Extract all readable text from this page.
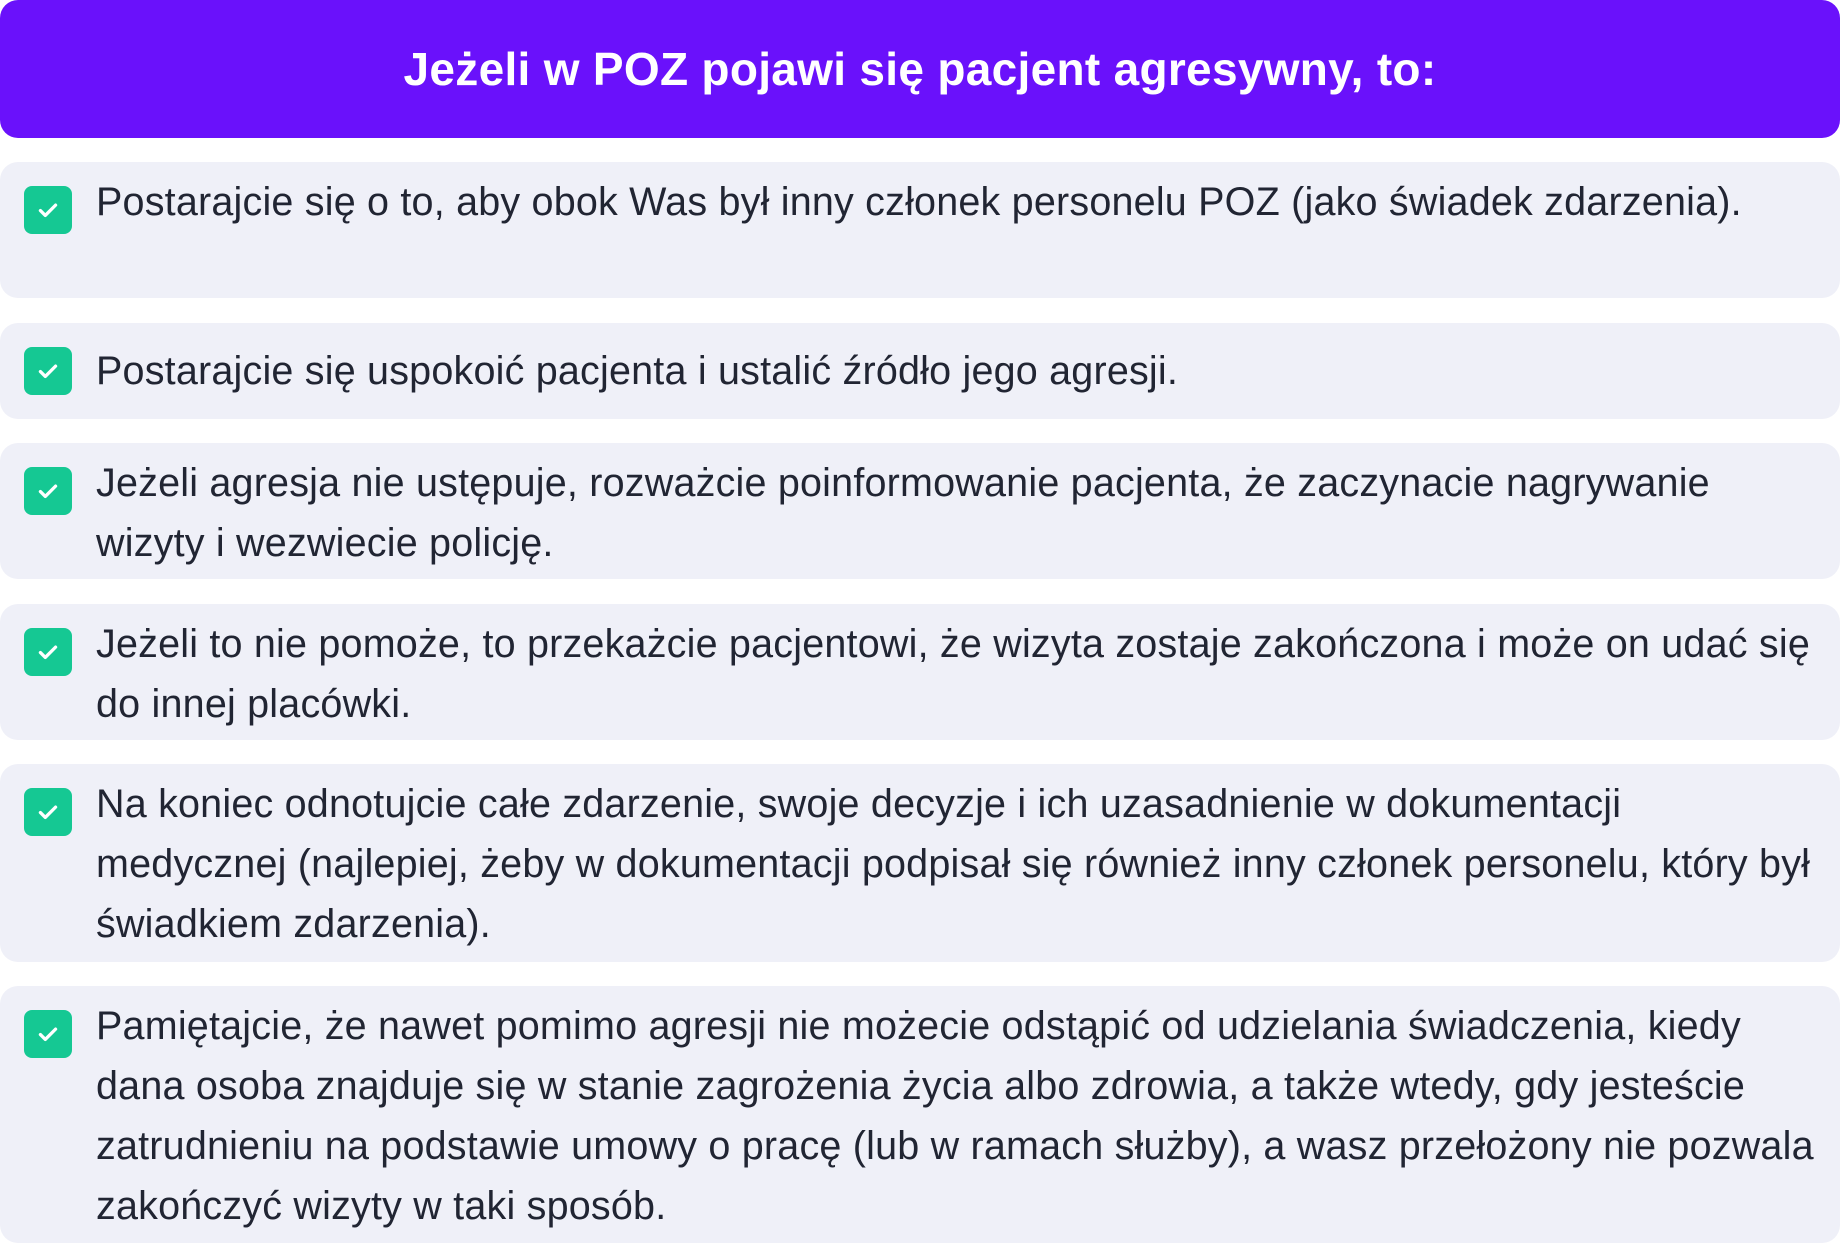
Jeżeli w POZ pojawi się pacjent agresywny, to:

Postarajcie się o to, aby obok Was był inny członek personelu POZ (jako świadek zdarzenia).

Postarajcie się uspokoić pacjenta i ustalić źródło jego agresji.

Jeżeli agresja nie ustępuje, rozważcie poinformowanie pacjenta, że zaczynacie nagrywanie wizyty i wezwiecie policję.

Jeżeli to nie pomoże, to przekażcie pacjentowi, że wizyta zostaje zakończona i może on udać się do innej placówki.

Na koniec odnotujcie całe zdarzenie, swoje decyzje i ich uzasadnienie w dokumentacji medycznej (najlepiej, żeby w dokumentacji podpisał się również inny członek personelu, który był świadkiem zdarzenia).

Pamiętajcie, że nawet pomimo agresji nie możecie odstąpić od udzielania świadczenia, kiedy dana osoba znajduje się w stanie zagrożenia życia albo zdrowia, a także wtedy, gdy jesteście zatrudnieniu na podstawie umowy o pracę (lub w ramach służby), a wasz przełożony nie pozwala zakończyć wizyty w taki sposób.
